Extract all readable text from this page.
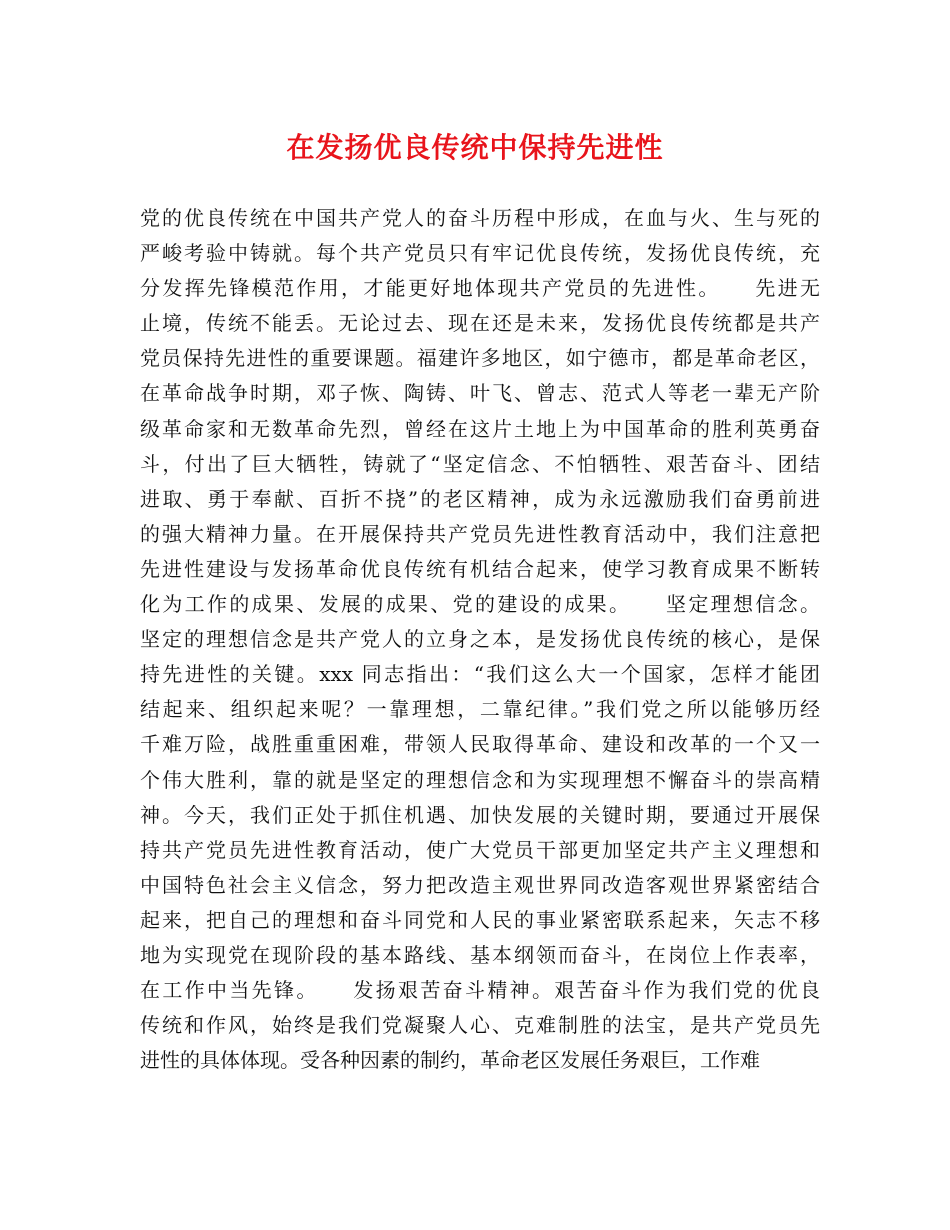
在发扬优良传统中保持先进性
党的优良传统在中国共产党人的奋斗历程中形成，在血与火、生与死的
严峻考验中铸就。每个共产党员只有牢记优良传统，发扬优良传统，充
分发挥先锋模范作用，才能更好地体现共产党员的先进性。　　先进无
止境，传统不能丢。无论过去、现在还是未来，发扬优良传统都是共产
党员保持先进性的重要课题。福建许多地区，如宁德市，都是革命老区，
在革命战争时期，邓子恢、陶铸、叶飞、曾志、范式人等老一辈无产阶
级革命家和无数革命先烈，曾经在这片土地上为中国革命的胜利英勇奋
斗，付出了巨大牺牲，铸就了“坚定信念、不怕牺牲、艰苦奋斗、团结
进取、勇于奉献、百折不挠”的老区精神，成为永远激励我们奋勇前进
的强大精神力量。在开展保持共产党员先进性教育活动中，我们注意把
先进性建设与发扬革命优良传统有机结合起来，使学习教育成果不断转
化为工作的成果、发展的成果、党的建设的成果。　　坚定理想信念。
坚定的理想信念是共产党人的立身之本，是发扬优良传统的核心，是保
持先进性的关键。xxx 同志指出：“我们这么大一个国家，怎样才能团
结起来、组织起来呢？一靠理想，二靠纪律。”我们党之所以能够历经
千难万险，战胜重重困难，带领人民取得革命、建设和改革的一个又一
个伟大胜利，靠的就是坚定的理想信念和为实现理想不懈奋斗的崇高精
神。今天，我们正处于抓住机遇、加快发展的关键时期，要通过开展保
持共产党员先进性教育活动，使广大党员干部更加坚定共产主义理想和
中国特色社会主义信念，努力把改造主观世界同改造客观世界紧密结合
起来，把自己的理想和奋斗同党和人民的事业紧密联系起来，矢志不移
地为实现党在现阶段的基本路线、基本纲领而奋斗，在岗位上作表率，
在工作中当先锋。　　发扬艰苦奋斗精神。艰苦奋斗作为我们党的优良
传统和作风，始终是我们党凝聚人心、克难制胜的法宝，是共产党员先
进性的具体体现。受各种因素的制约，革命老区发展任务艰巨，工作难
